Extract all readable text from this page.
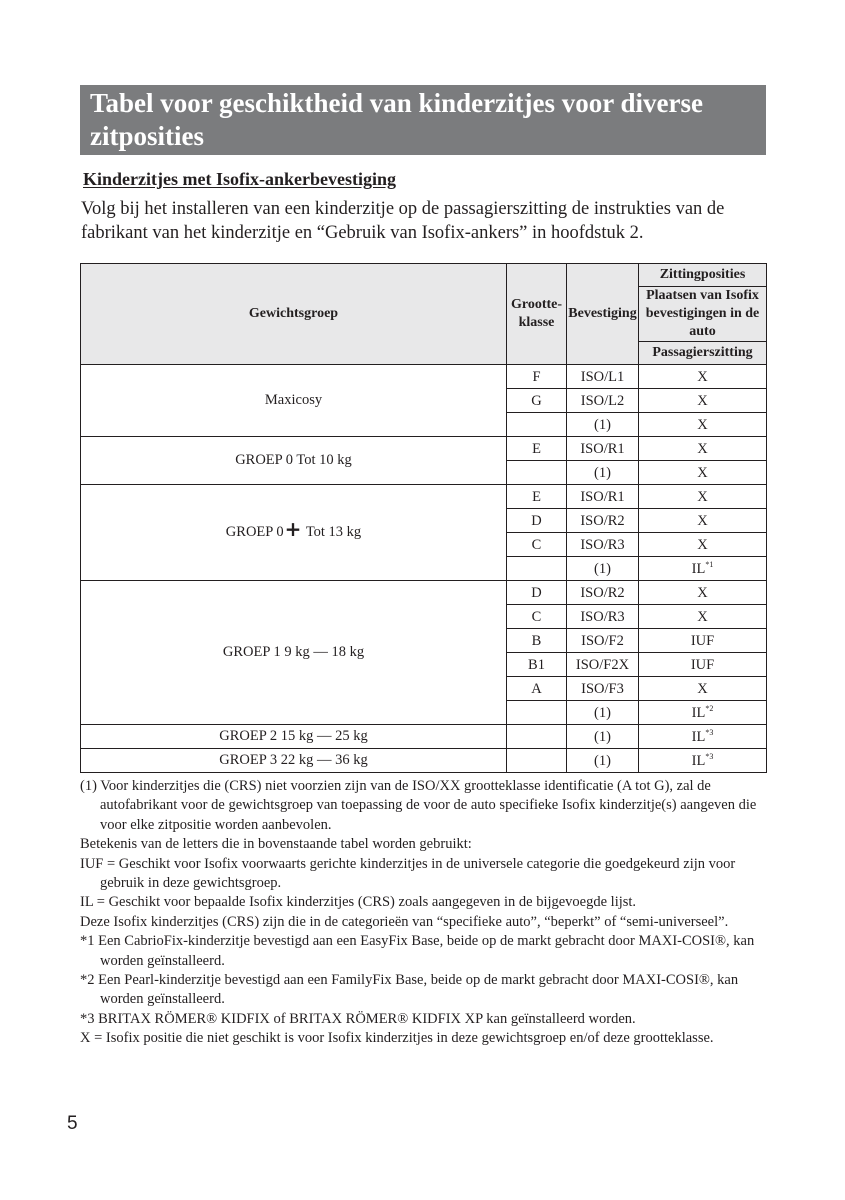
Tabel voor geschiktheid van kinderzitjes voor diverse zitposities
Kinderzitjes met Isofix-ankerbevestiging

Volg bij het installeren van een kinderzitje op de passagierszitting de instrukties van de fabrikant van het kinderzitje en “Gebruik van Isofix-ankers” in hoofdstuk 2.

Gewichtsgroep	Grootte-klasse	Bevestiging	Zittingposities
			Plaatsen van Isofix bevestigingen in de auto
			Passagierszitting
Maxicosy	F	ISO/L1	X
	G	ISO/L2	X
		(1)	X
GROEP 0 Tot 10 kg	E	ISO/R1	X
		(1)	X
GROEP 0+ Tot 13 kg	E	ISO/R1	X
	D	ISO/R2	X
	C	ISO/R3	X
		(1)	IL$^{*1}$
GROEP 1 9 kg — 18 kg	D	ISO/R2	X
	C	ISO/R3	X
	B	ISO/F2	IUF
	B1	ISO/F2X	IUF
	A	ISO/F3	X
		(1)	IL$^{*2}$
GROEP 2 15 kg — 25 kg		(1)	IL$^{*3}$
GROEP 3 22 kg — 36 kg		(1)	IL$^{*3}$

(1) Voor kinderzitjes die (CRS) niet voorzien zijn van de ISO/XX grootteklasse identificatie (A tot G), zal de autofabrikant voor de gewichtsgroep van toepassing de voor de auto specifieke Isofix kinderzitje(s) aangeven die voor elke zitpositie worden aanbevolen.

Betekenis van de letters die in bovenstaande tabel worden gebruikt:

IUF = Geschikt voor Isofix voorwaarts gerichte kinderzitjes in de universele categorie die goedgekeurd zijn voor gebruik in deze gewichtsgroep.

IL = Geschikt voor bepaalde Isofix kinderzitjes (CRS) zoals aangegeven in de bijgevoegde lijst.

Deze Isofix kinderzitjes (CRS) zijn die in de categorieën van “specifieke auto”, “beperkt” of “semi-universeel”.

*1 Een CabrioFix-kinderzitje bevestigd aan een EasyFix Base, beide op de markt gebracht door MAXI-COSI®, kan worden geïnstalleerd.

*2 Een Pearl-kinderzitje bevestigd aan een FamilyFix Base, beide op de markt gebracht door MAXI-COSI®, kan worden geïnstalleerd.

*3 BRITAX RÖMER® KIDFIX of BRITAX RÖMER® KIDFIX XP kan geïnstalleerd worden.

X = Isofix positie die niet geschikt is voor Isofix kinderzitjes in deze gewichtsgroep en/of deze grootteklasse.

5
